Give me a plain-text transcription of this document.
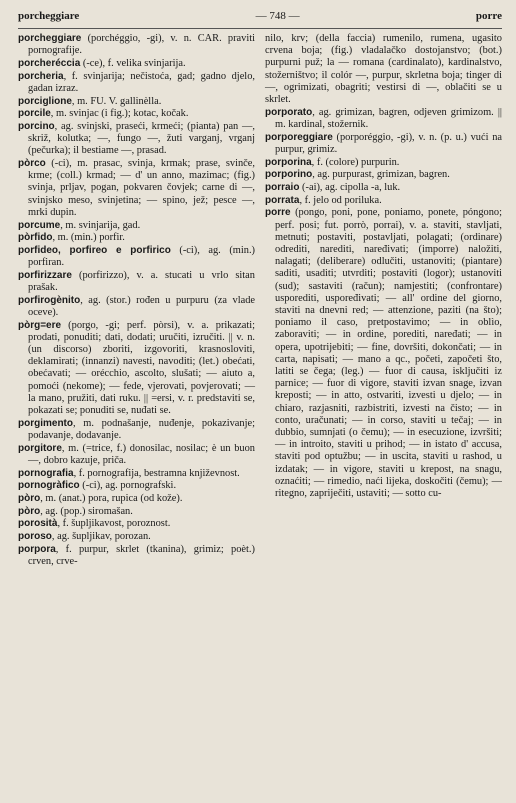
porcheggiare	— 748 —	porre

porcheggiare (porchéggio, -gi), v. n. CAR. praviti pornografije.

porcheréccia (-ce), f. velika svinjarija.

porcheria, f. svinjarija; nečistoća, gad; gadno djelo, gadan izraz.

porciglione, m. FU. V. gallinèlla.

porcile, m. svinjac (i fig.); kotac, kočak.

porcino, ag. svinjski, praseći, krmeći; (pianta) pan —, skriž, kolutka; —, fungo —, žuti varganj, vrganj (pečurka); il bestiame —, prasad.

pòrco (-ci), m. prasac, svinja, krmak; prase, svinče, krme; (coll.) krmad; — d' un anno, mazimac; (fig.) svinja, prljav, pogan, pokvaren čovjek; carne di —, svinjsko meso, svinjetina; — spino, jež; pesce —, mrki dupin.

porcume, m. svinjarija, gad.

pòrfido, m. (min.) porfir.

porfideo, porfireo e porfirico (-ci), ag. (min.) porfiran.

porfirizzare (porfirizzo), v. a. stucati u vrlo sitan prašak.

porfirogènito, ag. (stor.) rođen u purpuru (za vlade oceve).

pòrg=ere (porgo, -gi; perf. pòrsi), v. a. prikazati; prodati, ponuditi; dati, dodati; uručiti, izručiti. || v. n. (un discorso) zboriti, izgovoriti, krasnosloviti, deklamirati; (innanzi) navesti, navoditi; (let.) obećati, obećavati; — orécchio, ascolto, slušati; — aiuto a, pomoći (nekome); — fede, vjerovati, povjerovati; — la mano, pružiti, dati ruku. || =ersi, v. r. predstaviti se, pokazati se; ponuditi se, nuđati se.

porgimento, m. podnašanje, nuđenje, pokazivanje; podavanje, dodavanje.

porgitore, m. (=trice, f.) donosilac, nosilac; è un buon —, dobro kazuje, priča.

pornografia, f. pornografija, bestramna književnost.

pornogràfico (-ci), ag. pornografski.

pòro, m. (anat.) pora, rupica (od kože).

pòro, ag. (pop.) siromašan.

porosità, f. šupljikavost, poroznost.

poroso, ag. šupljikav, porozan.

porpora, f. purpur, skrlet (tkanina), grimiz; poèt.) crven, crve-

nilo, krv; (della faccia) rumenilo, rumena, ugasito crvena boja; (fig.) vladalačko dostojanstvo; (bot.) purpurni puž; la — romana (cardinalato), kardinalstvo, stožerništvo; il colór —, purpur, skrletna boja; tinger di —, ogrimizati, obagriti; vestirsi di —, oblačiti se u skrlet.

porporato, ag. grimizan, bagren, odjeven grimizom. || m. kardinal, stožernik.

porporeggiare (porporéggio, -gi), v. n. (p. u.) vući na purpur, grimiz.

porporina, f. (colore) purpurin.

porporino, ag. purpurast, grimizan, bagren.

porraio (-ai), ag. cipolla -a, luk.

porrata, f. jelo od poriluka.

porre (pongo, poni, pone, poniamo, ponete, póngono; perf. posi; fut. porrò, porrai), v. a. staviti, stavljati, metnuti; postaviti, postavljati, polagati; (ordinare) odrediti, narediti, naređivati; (imporre) naložiti, nalagati; (deliberare) odlučiti, ustanoviti; (piantare) saditi, usaditi; utvrditi; postaviti (logor); ustanoviti (sud); sastaviti (račun); namjestiti; (confrontare) usporediti, uspoređivati; — all' ordine del giorno, staviti na dnevni red; — attenzione, paziti (na što); poniamo il caso, pretpostavimo; — in oblìo, zaboraviti; — in ordine, porediti, naređati; — in opera, upotrijebiti; — fine, dovršiti, dokončati; — in carta, napisati; — mano a qc., početi, započeti što, latiti se čega; (leg.) — fuor di causa, isključiti iz parnice; — fuor di vigore, staviti izvan snage, izvan kreposti; — in atto, ostvariti, izvesti u djelo; — in chiaro, razjasniti, razbistriti, izvesti na čisto; — in conto, uračunati; — in corso, staviti u tečaj; — in dubbio, sumnjati (o čemu); — in esecuzione, izvršiti; — in introito, staviti u prihod; — in istato d' accusa, staviti pod optužbu; — in uscita, staviti u rashod, u izdatak; — in vigore, staviti u krepost, na snagu, oznaćiti; — rimedio, naći lijeka, doskočiti (čemu); — ritegno, zapriječiti, ustaviti; — sotto cu-
